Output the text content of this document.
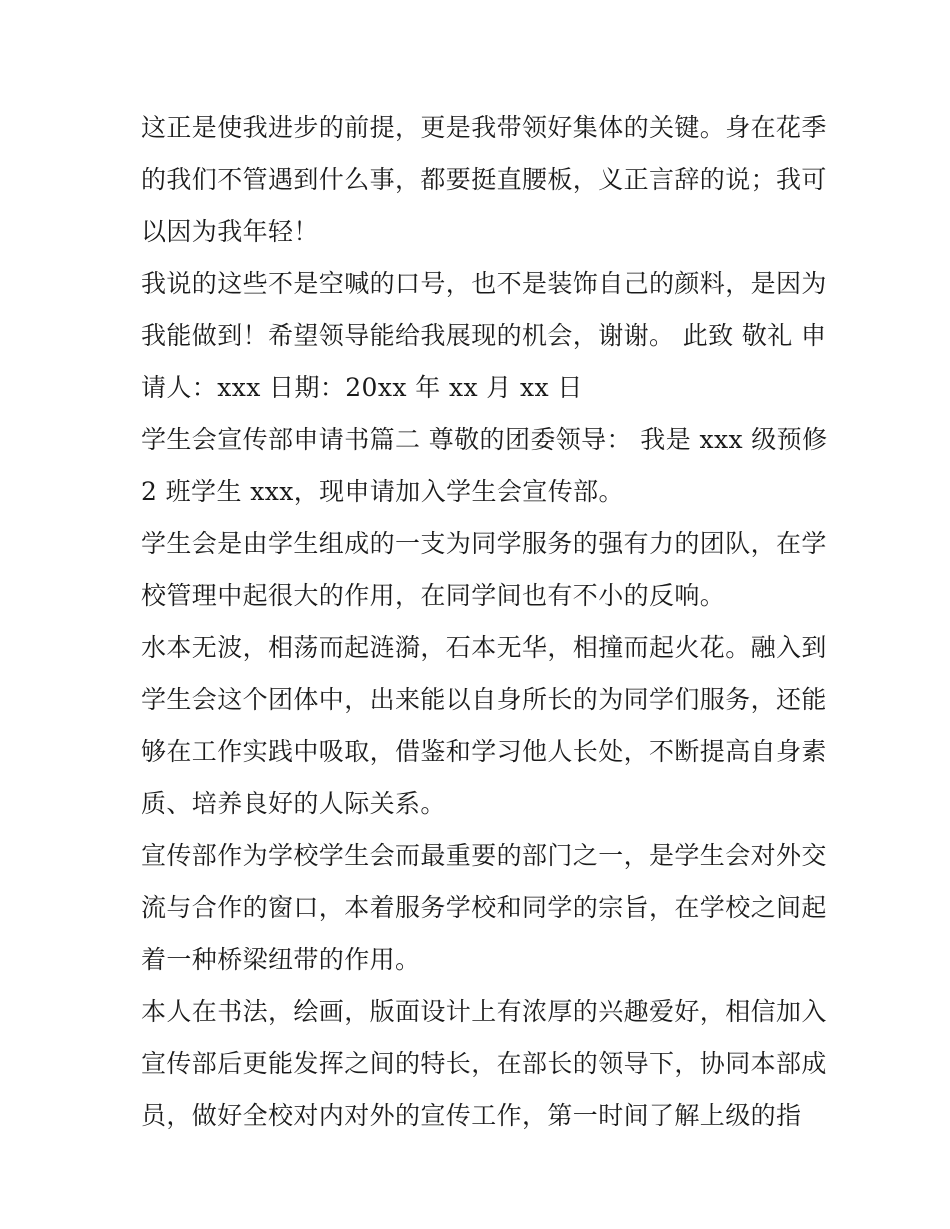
这正是使我进步的前提，更是我带领好集体的关键。身在花季
的我们不管遇到什么事，都要挺直腰板，义正言辞的说；我可
以因为我年轻！
我说的这些不是空喊的口号，也不是装饰自己的颜料，是因为
我能做到！希望领导能给我展现的机会，谢谢。 此致 敬礼 申
请人：xxx 日期：20xx 年 xx 月 xx 日
学生会宣传部申请书篇二 尊敬的团委领导： 我是 xxx 级预修
2 班学生 xxx，现申请加入学生会宣传部。
学生会是由学生组成的一支为同学服务的强有力的团队，在学
校管理中起很大的作用，在同学间也有不小的反响。
水本无波，相荡而起涟漪，石本无华，相撞而起火花。融入到
学生会这个团体中，出来能以自身所长的为同学们服务，还能
够在工作实践中吸取，借鉴和学习他人长处，不断提高自身素
质、培养良好的人际关系。
宣传部作为学校学生会而最重要的部门之一，是学生会对外交
流与合作的窗口，本着服务学校和同学的宗旨，在学校之间起
着一种桥梁纽带的作用。
本人在书法，绘画，版面设计上有浓厚的兴趣爱好，相信加入
宣传部后更能发挥之间的特长，在部长的领导下，协同本部成
员，做好全校对内对外的宣传工作，第一时间了解上级的指
